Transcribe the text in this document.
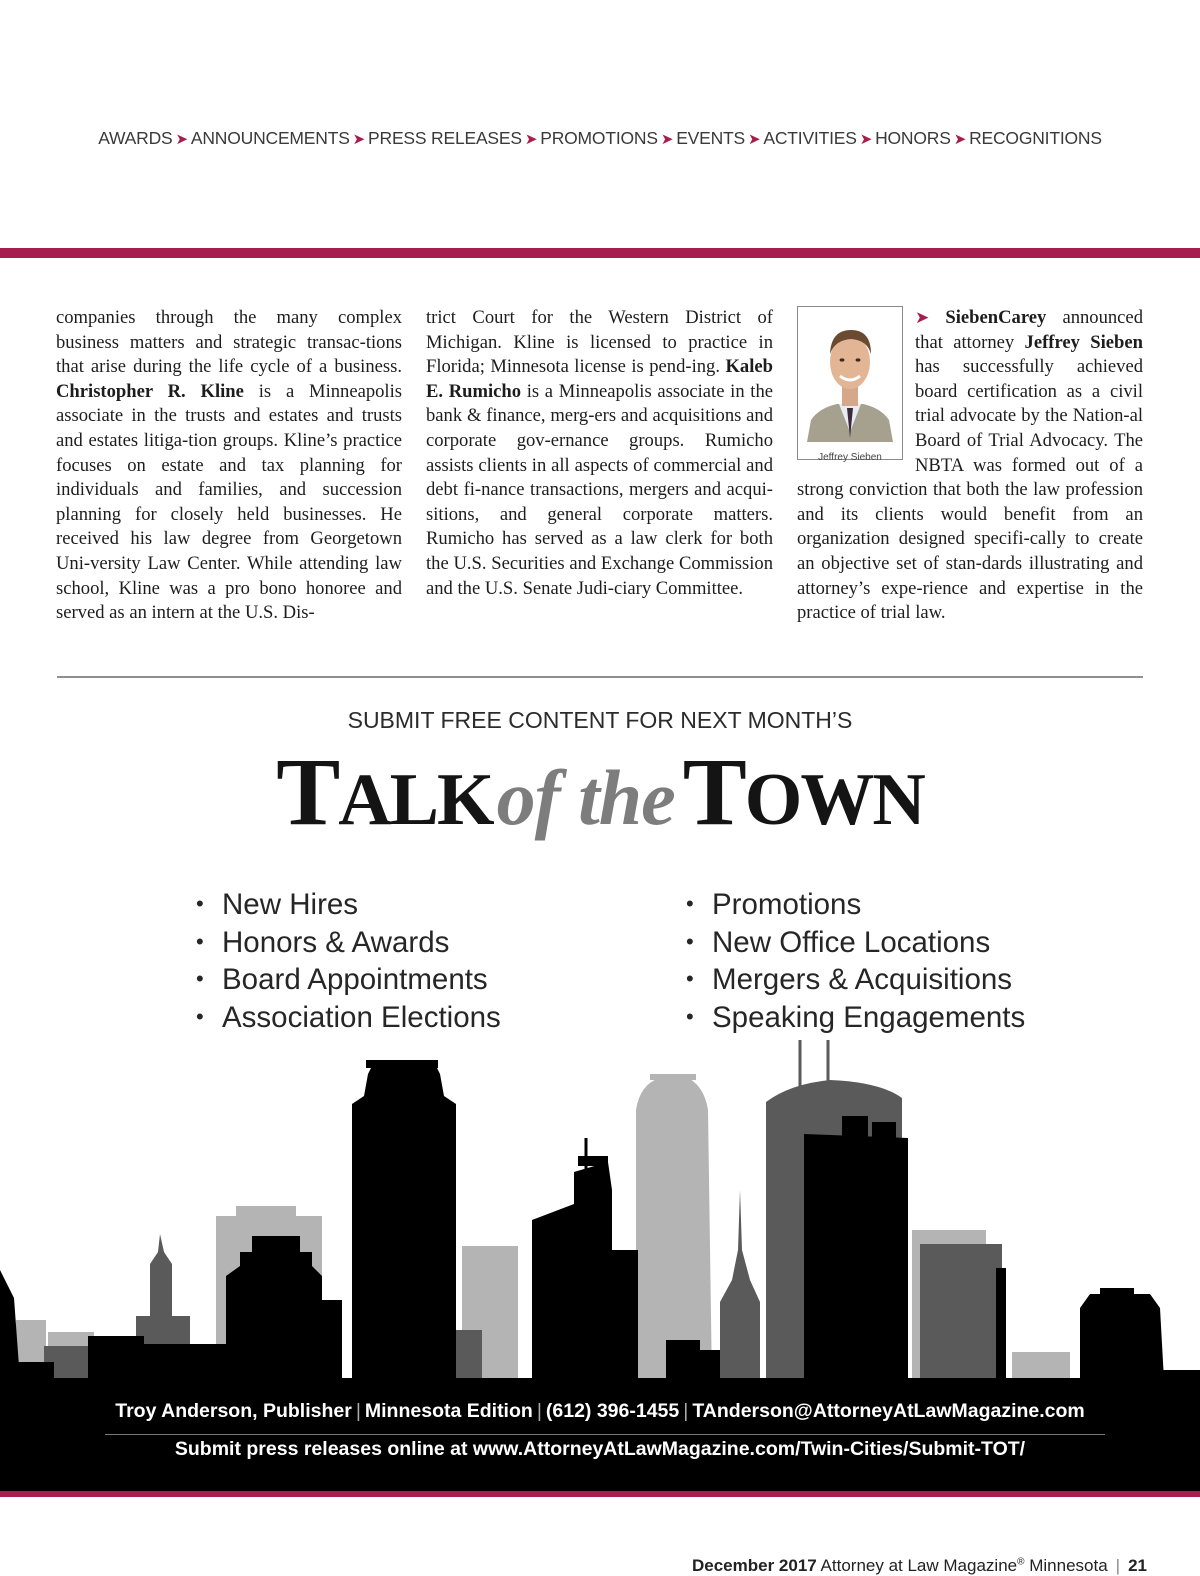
AWARDS ➤ ANNOUNCEMENTS ➤ PRESS RELEASES ➤ PROMOTIONS ➤ EVENTS ➤ ACTIVITIES ➤ HONORS ➤ RECOGNITIONS

companies through the many complex business matters and strategic transac-tions that arise during the life cycle of a business. Christopher R. Kline is a Minneapolis associate in the trusts and estates and trusts and estates litiga-tion groups. Kline’s practice focuses on estate and tax planning for individuals and families, and succession planning for closely held businesses. He received his law degree from Georgetown Uni-versity Law Center. While attending law school, Kline was a pro bono honoree and served as an intern at the U.S. Dis-

trict Court for the Western District of Michigan. Kline is licensed to practice in Florida; Minnesota license is pend-ing. Kaleb E. Rumicho is a Minneapolis associate in the bank & finance, merg-ers and acquisitions and corporate gov-ernance groups. Rumicho assists clients in all aspects of commercial and debt fi-nance transactions, mergers and acqui-sitions, and general corporate matters. Rumicho has served as a law clerk for both the U.S. Securities and Exchange Commission and the U.S. Senate Judi-ciary Committee.

Jeffrey Sieben

➤ SiebenCarey announced that attorney Jeffrey Sieben has successfully achieved board certification as a civil trial advocate by the Nation-al Board of Trial Advocacy. The NBTA was formed out of a strong conviction that both the law profession and its clients would benefit from an organization designed specifi-cally to create an objective set of stan-dards illustrating and attorney’s expe-rience and expertise in the practice of trial law.

SUBMIT FREE CONTENT FOR NEXT MONTH’S
TALKof theTOWN
• New Hires
• Honors & Awards
• Board Appointments
• Association Elections
• Promotions
• New Office Locations
• Mergers & Acquisitions
• Speaking Engagements
Troy Anderson, Publisher | Minnesota Edition | (612) 396-1455 | TAnderson@AttorneyAtLawMagazine.com
Submit press releases online at www.AttorneyAtLawMagazine.com/Twin-Cities/Submit-TOT/
December 2017 Attorney at Law Magazine® Minnesota | 21
